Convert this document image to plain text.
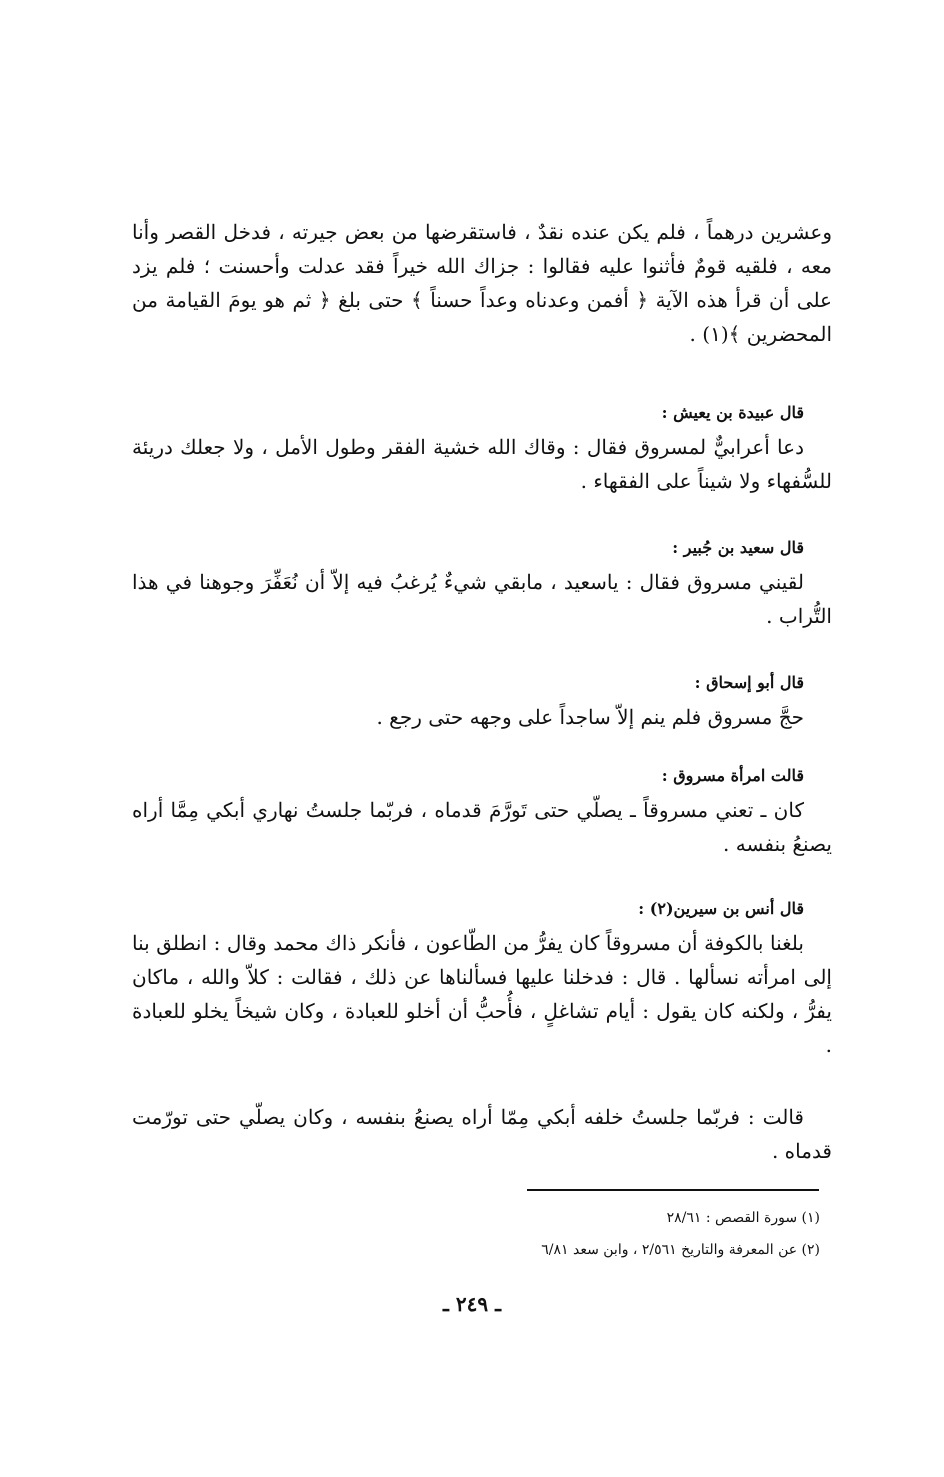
وعشرين درهماً ، فلم يكن عنده نقدٌ ، فاستقرضها من بعض جيرته ، فدخل القصر وأنا معه ، فلقيه قومٌ فأثنوا عليه فقالوا : جزاك الله خيراً فقد عدلت وأحسنت ؛ فلم يزد على أن قرأ هذه الآية ﴿ أفمن وعدناه وعداً حسناً ﴾ حتى بلغ ﴿ ثم هو يومَ القيامة من المحضرين ﴾(١) .
قال عبيدة بن يعيش :
دعا أعرابيٌّ لمسروق فقال : وقاك الله خشية الفقر وطول الأمل ، ولا جعلك دريئة للسُّفهاء ولا شيناً على الفقهاء .
قال سعيد بن جُبير :
لقيني مسروق فقال : ياسعيد ، مابقي شيءٌ يُرغبُ فيه إلاّ أن نُعَفِّرَ وجوهنا في هذا التُّراب .
قال أبو إسحاق :
حجَّ مسروق فلم ينم إلاّ ساجداً على وجهه حتى رجع .
قالت امرأة مسروق :
كان ـ تعني مسروقاً ـ يصلّي حتى تَورَّمَ قدماه ، فربّما جلستُ نهاري أبكي مِمَّا أراه يصنعُ بنفسه .
قال أنس بن سيرين(٢) :
بلغنا بالكوفة أن مسروقاً كان يفرُّ من الطّاعون ، فأنكر ذاك محمد وقال : انطلق بنا إلى امرأته نسألها . قال : فدخلنا عليها فسألناها عن ذلك ، فقالت : كلاّ والله ، ماكان يفرُّ ، ولكنه كان يقول : أيام تشاغلٍ ، فأُحبُّ أن أخلو للعبادة ، وكان شيخاً يخلو للعبادة .
قالت : فربّما جلستُ خلفه أبكي مِمّا أراه يصنعُ بنفسه ، وكان يصلّي حتى تورّمت قدماه .
(١) سورة القصص : ٢٨/٦١
(٢) عن المعرفة والتاريخ ٢/٥٦١ ، وابن سعد ٦/٨١
ـ ٢٤٩ ـ
